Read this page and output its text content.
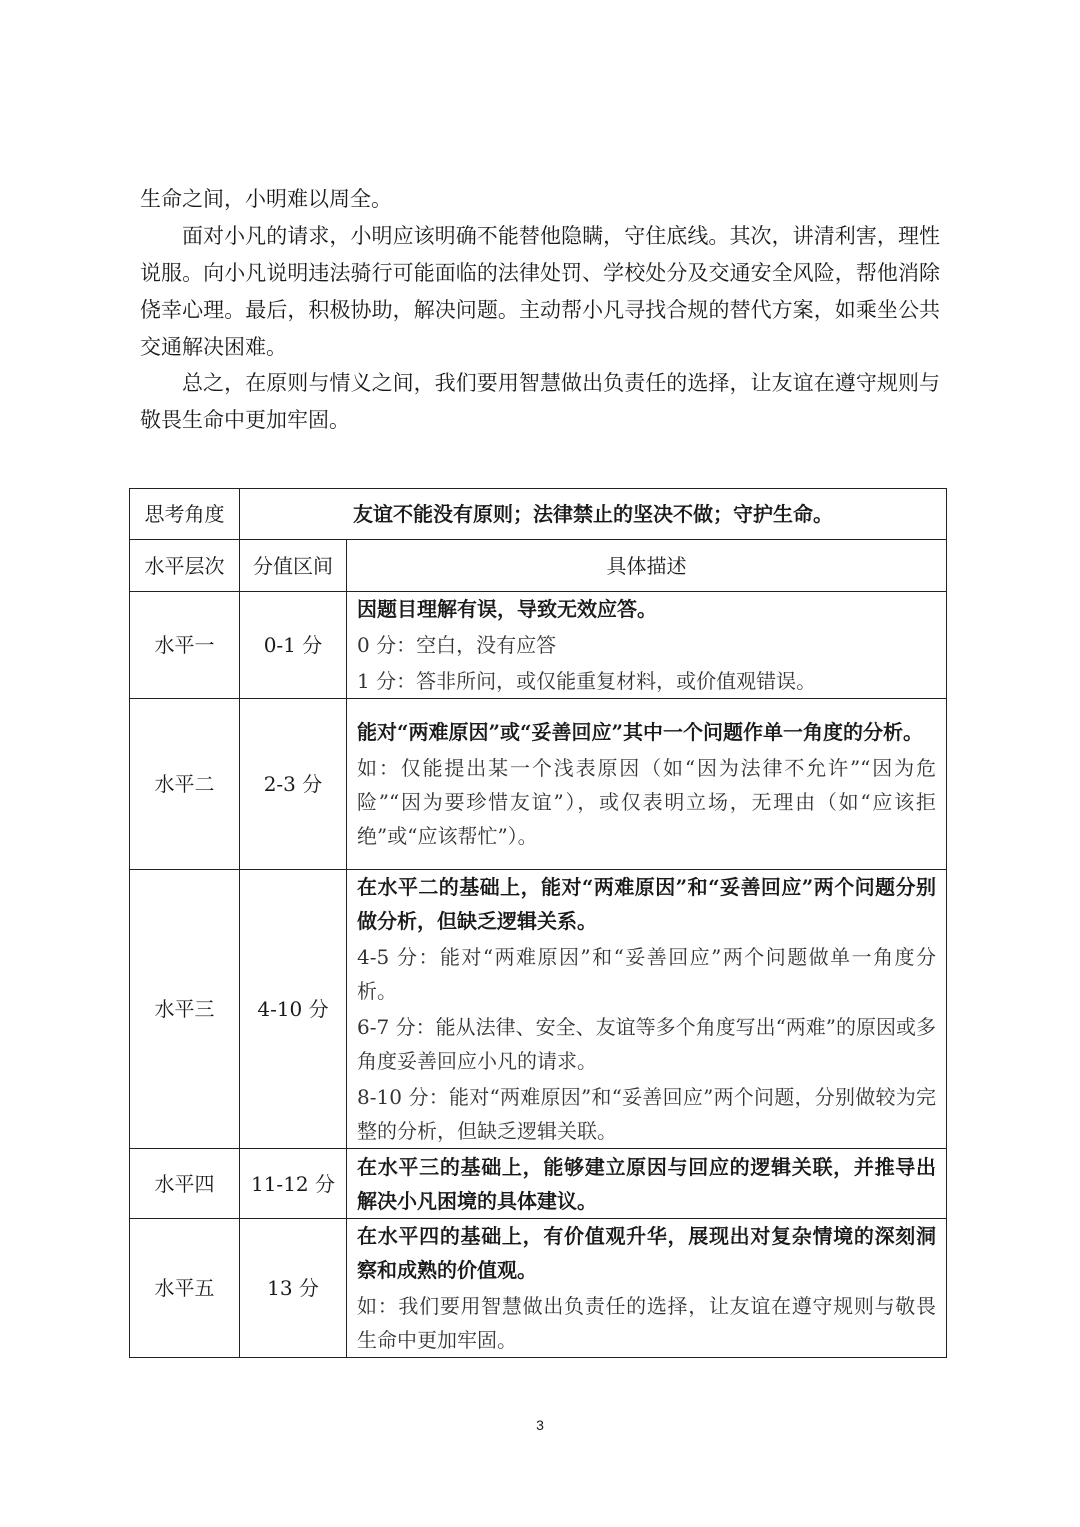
生命之间，小明难以周全。

面对小凡的请求，小明应该明确不能替他隐瞒，守住底线。其次，讲清利害，理性说服。向小凡说明违法骑行可能面临的法律处罚、学校处分及交通安全风险，帮他消除侥幸心理。最后，积极协助，解决问题。主动帮小凡寻找合规的替代方案，如乘坐公共交通解决困难。

总之，在原则与情义之间，我们要用智慧做出负责任的选择，让友谊在遵守规则与敬畏生命中更加牢固。

思考角度	友谊不能没有原则；法律禁止的坚决不做；守护生命。	
水平层次	分值区间	具体描述
水平一	0-1 分	因题目理解有误，导致无效应答。
0 分：空白，没有应答
1 分：答非所问，或仅能重复材料，或价值观错误。

水平二	2-3 分	能对“两难原因”或“妥善回应”其中一个问题作单一角度的分析。
如：仅能提出某一个浅表原因（如“因为法律不允许”“因为危险”“因为要珍惜友谊”），或仅表明立场，无理由（如“应该拒绝”或“应该帮忙”）。

水平三	4-10 分	在水平二的基础上，能对“两难原因”和“妥善回应”两个问题分别做分析，但缺乏逻辑关系。
4-5 分：能对“两难原因”和“妥善回应”两个问题做单一角度分析。
6-7 分：能从法律、安全、友谊等多个角度写出“两难”的原因或多角度妥善回应小凡的请求。
8-10 分：能对“两难原因”和“妥善回应”两个问题，分别做较为完整的分析，但缺乏逻辑关联。

水平四	11-12 分	在水平三的基础上，能够建立原因与回应的逻辑关联，并推导出解决小凡困境的具体建议。

水平五	13 分	在水平四的基础上，有价值观升华，展现出对复杂情境的深刻洞察和成熟的价值观。
如：我们要用智慧做出负责任的选择，让友谊在遵守规则与敬畏生命中更加牢固。
3
